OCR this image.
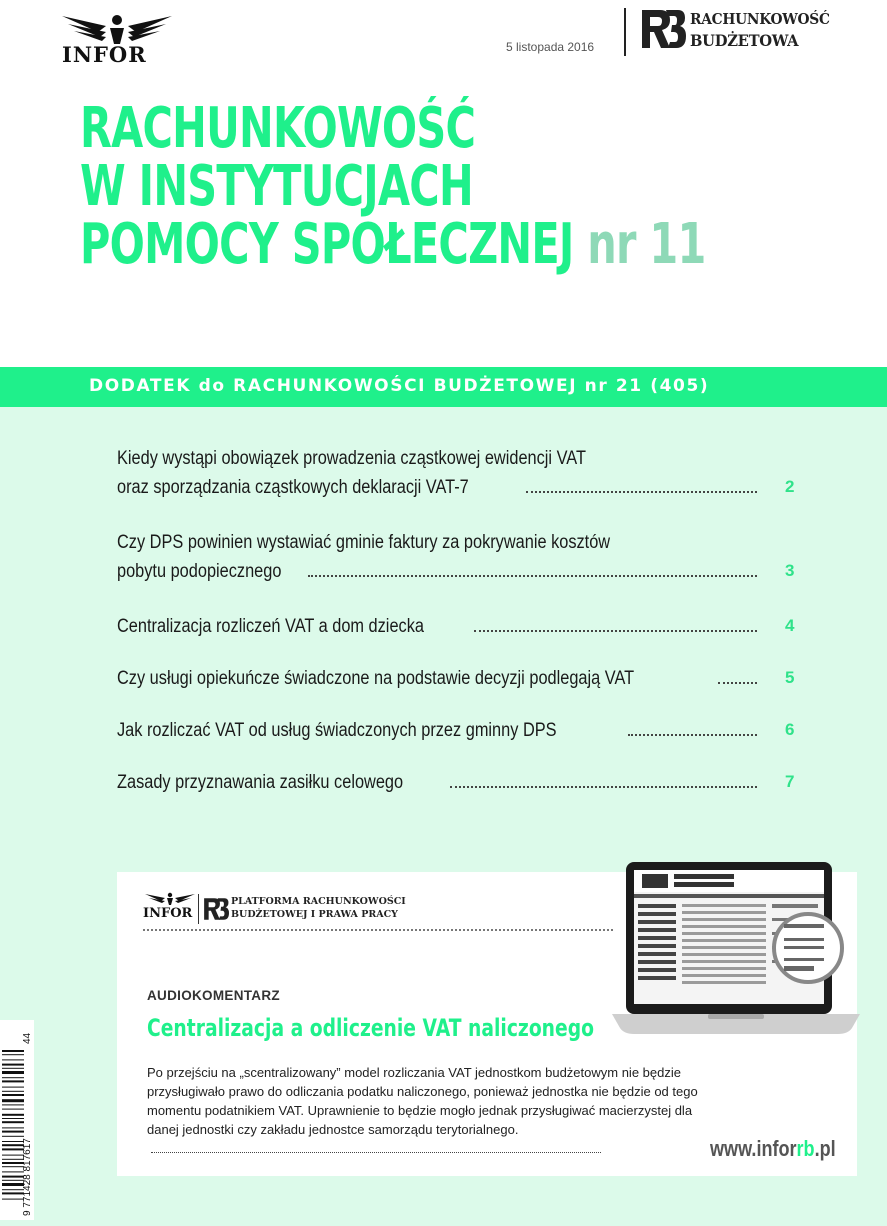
INFOR	5 listopada 2016
RACHUNKOWOŚĆ
BUDŻETOWA
RACHUNKOWOŚĆ
W INSTYTUCJACH
POMOCY SPOŁECZNEJ nr 11
DODATEK do RACHUNKOWOŚCI BUDŻETOWEJ nr 21 (405)
Kiedy wystąpi obowiązek prowadzenia cząstkowej ewidencji VAT
oraz sporządzania cząstkowych deklaracji VAT-7	2
Czy DPS powinien wystawiać gminie faktury za pokrywanie kosztów
pobytu podopiecznego	3
Centralizacja rozliczeń VAT a dom dziecka	4
Czy usługi opiekuńcze świadczone na podstawie decyzji podlegają VAT	5
Jak rozliczać VAT od usług świadczonych przez gminny DPS	6
Zasady przyznawania zasiłku celowego	7
INFOR
PLATFORMA RACHUNKOWOŚCI
BUDŻETOWEJ I PRAWA PRACY
AUDIOKOMENTARZ
Centralizacja a odliczenie VAT naliczonego
Po przejściu na „scentralizowany” model rozliczania VAT jednostkom budżetowym nie będzie przysługiwało prawo do odliczania podatku naliczonego, ponieważ jednostka nie będzie od tego momentu podatnikiem VAT. Uprawnienie to będzie mogło jednak przysługiwać macierzystej dla danej jednostki czy zakładu jednostce samorządu terytorialnego.
www.inforrb.pl
9 771428 817617
44
